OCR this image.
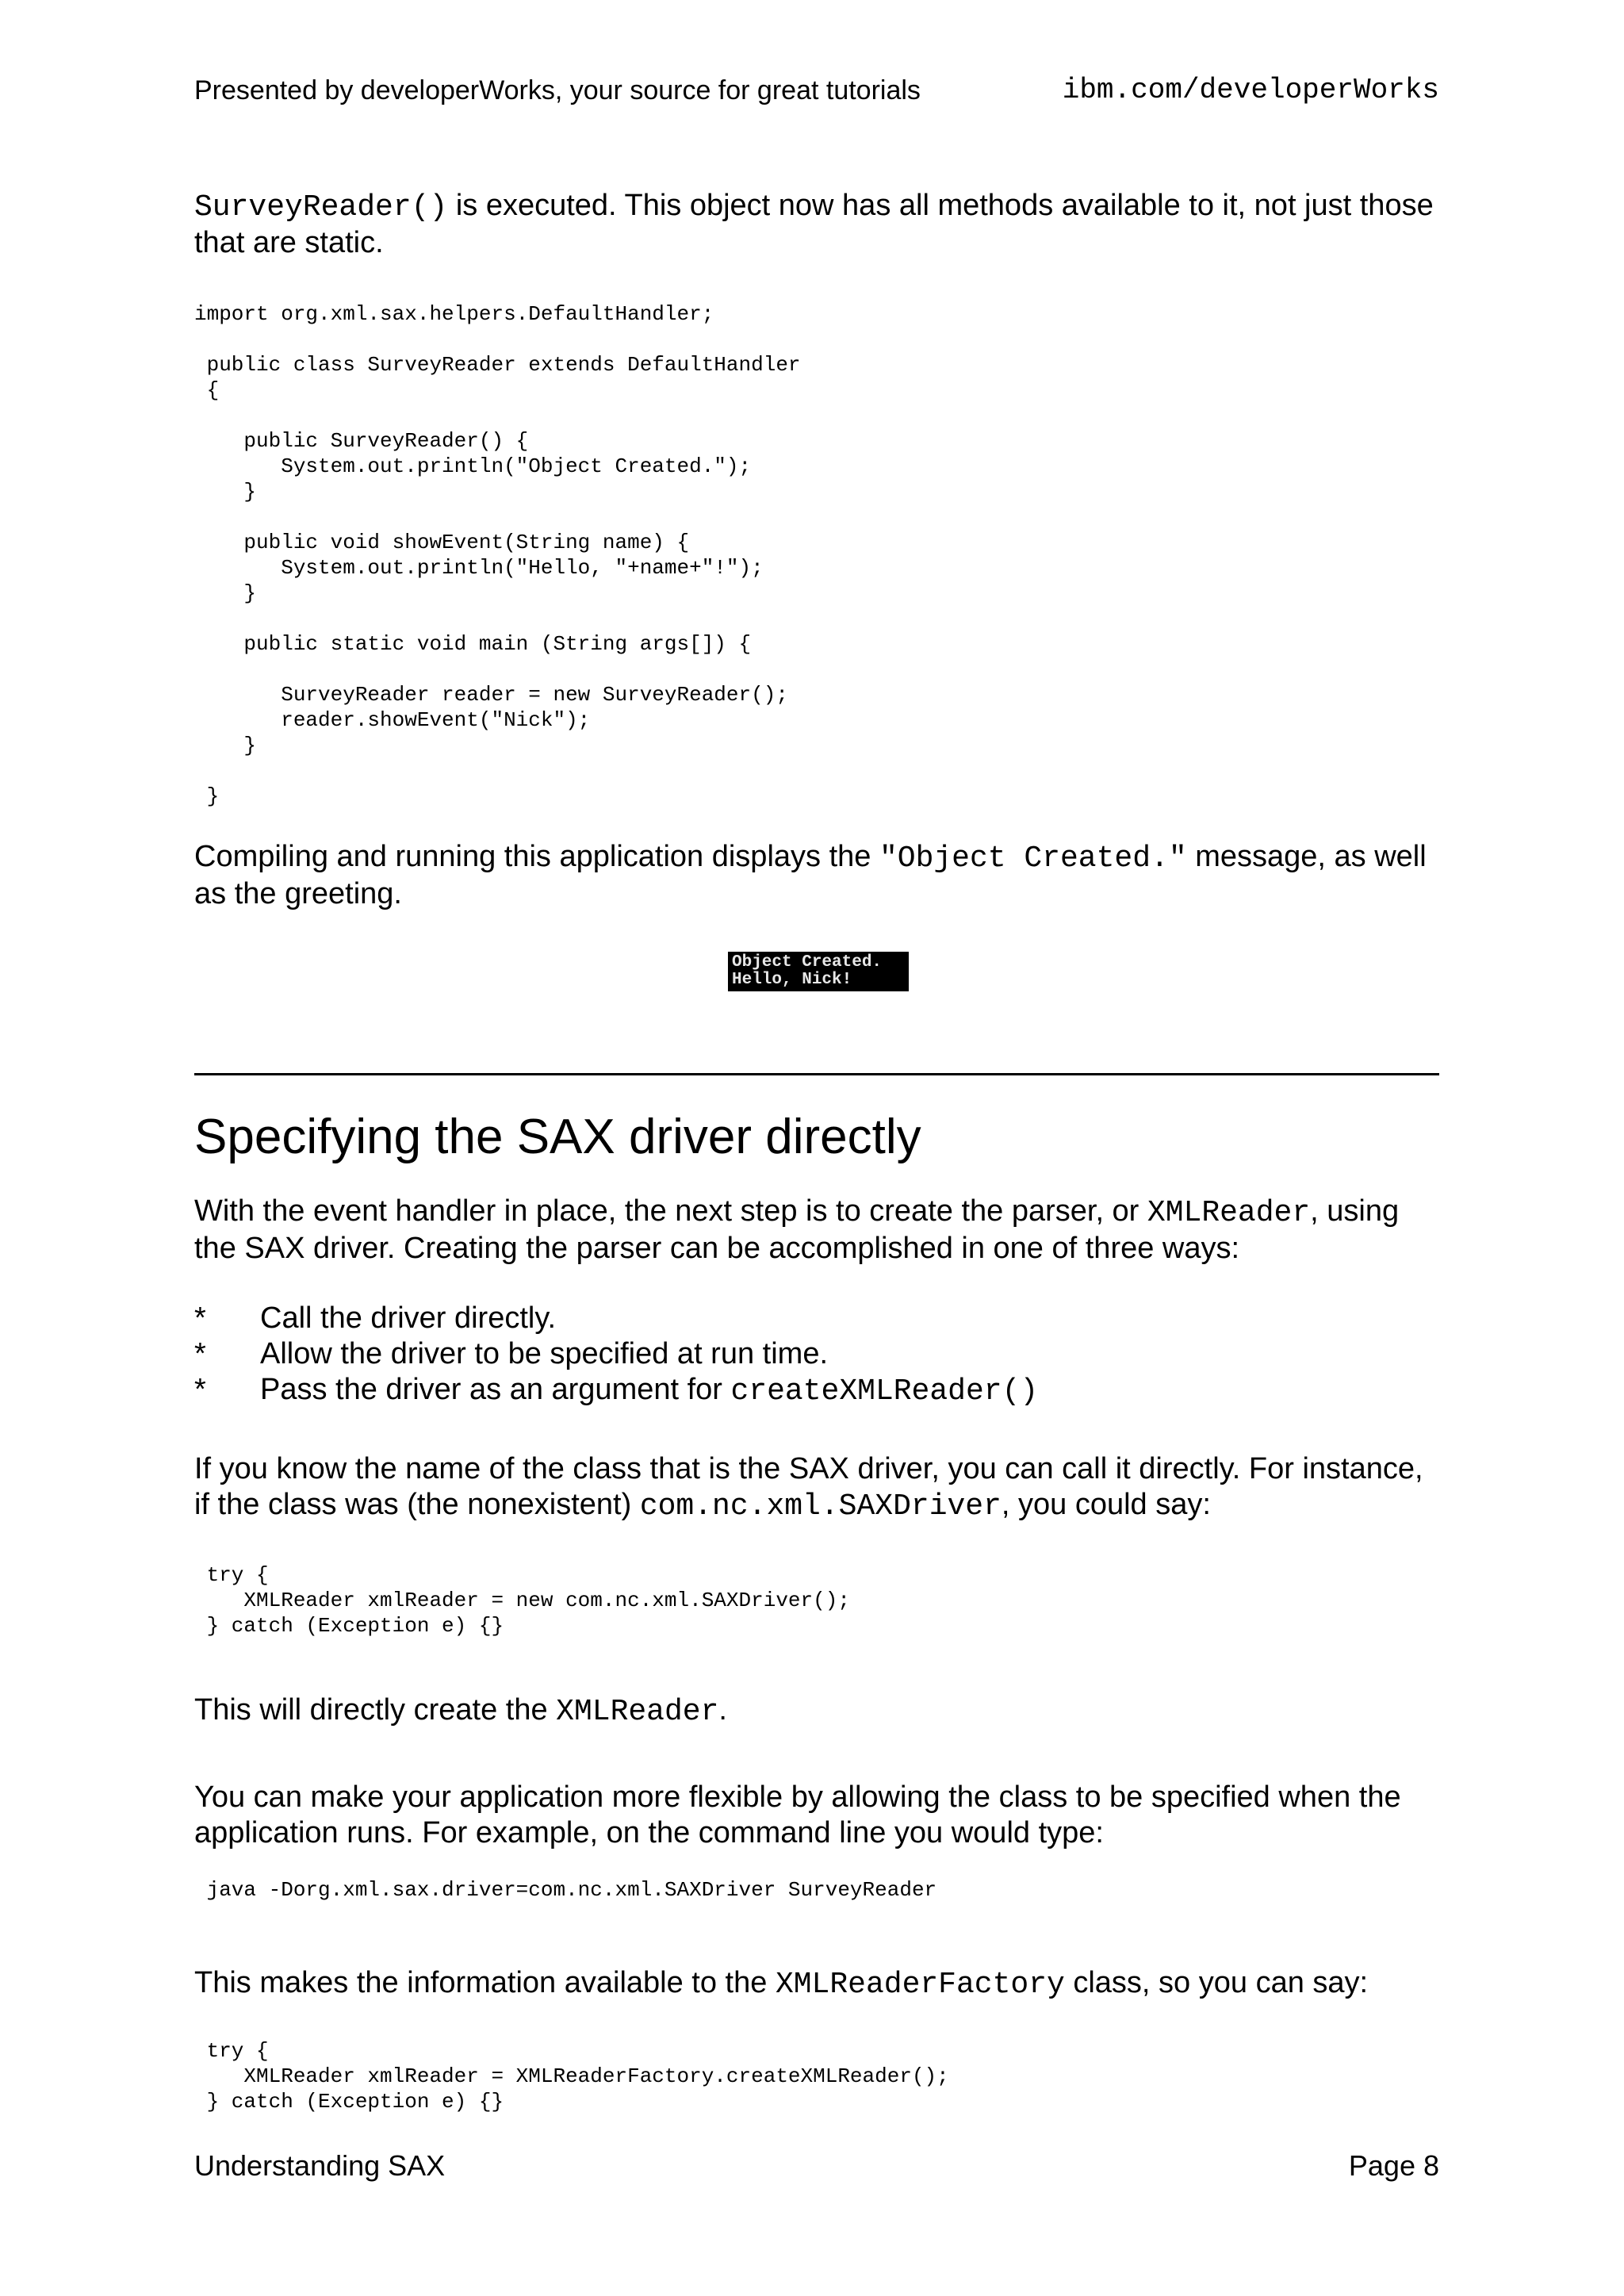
Presented by developerWorks, your source for great tutorials	ibm.com/developerWorks
SurveyReader() is executed. This object now has all methods available to it, not just those that are static.
import org.xml.sax.helpers.DefaultHandler;

public class SurveyReader extends DefaultHandler
{

public SurveyReader() {
System.out.println("Object Created.");
}

public void showEvent(String name) {
System.out.println("Hello, "+name+"!");
}

public static void main (String args[]) {

SurveyReader reader = new SurveyReader();
reader.showEvent("Nick");
}

}
Compiling and running this application displays the "Object Created." message, as well as the greeting.
Object Created.
Hello, Nick!
Specifying the SAX driver directly
With the event handler in place, the next step is to create the parser, or XMLReader, using the SAX driver. Creating the parser can be accomplished in one of three ways:
* Call the driver directly.
* Allow the driver to be specified at run time.
* Pass the driver as an argument for createXMLReader()
If you know the name of the class that is the SAX driver, you can call it directly. For instance, if the class was (the nonexistent) com.nc.xml.SAXDriver, you could say:
try {
XMLReader xmlReader = new com.nc.xml.SAXDriver();
} catch (Exception e) {}
This will directly create the XMLReader.
You can make your application more flexible by allowing the class to be specified when the application runs. For example, on the command line you would type:
java -Dorg.xml.sax.driver=com.nc.xml.SAXDriver SurveyReader
This makes the information available to the XMLReaderFactory class, so you can say:
try {
XMLReader xmlReader = XMLReaderFactory.createXMLReader();
} catch (Exception e) {}
Understanding SAX	Page 8
